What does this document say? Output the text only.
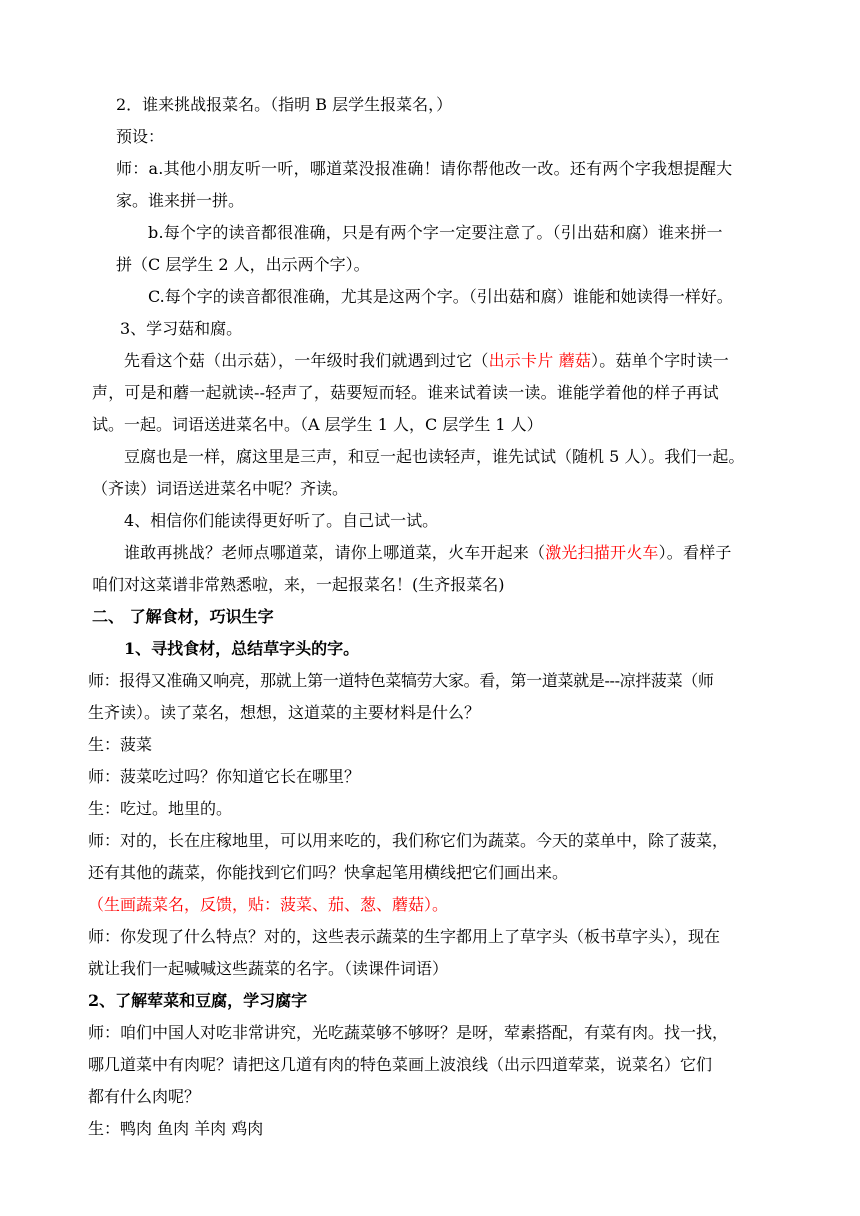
2．谁来挑战报菜名。（指明 B 层学生报菜名，）
预设：
师：a.其他小朋友听一听，哪道菜没报准确！请你帮他改一改。还有两个字我想提醒大
家。谁来拼一拼。
b.每个字的读音都很准确，只是有两个字一定要注意了。（引出菇和腐）谁来拼一
拼（C 层学生 2 人，出示两个字）。
C.每个字的读音都很准确，尤其是这两个字。（引出菇和腐）谁能和她读得一样好。
3、学习菇和腐。
先看这个菇（出示菇），一年级时我们就遇到过它（出示卡片 蘑菇）。菇单个字时读一
声，可是和蘑一起就读--轻声了，菇要短而轻。谁来试着读一读。谁能学着他的样子再试
试。一起。词语送进菜名中。（A 层学生 1 人，C 层学生 1 人）
豆腐也是一样，腐这里是三声，和豆一起也读轻声，谁先试试（随机 5 人）。我们一起。
（齐读）词语送进菜名中呢？齐读。
4、相信你们能读得更好听了。自己试一试。
谁敢再挑战？老师点哪道菜，请你上哪道菜，火车开起来（激光扫描开火车）。看样子
咱们对这菜谱非常熟悉啦，来，一起报菜名！(生齐报菜名)
二、 了解食材，巧识生字
1、寻找食材，总结草字头的字。
师：报得又准确又响亮，那就上第一道特色菜犒劳大家。看，第一道菜就是---凉拌菠菜（师
生齐读）。读了菜名，想想，这道菜的主要材料是什么？
生：菠菜
师：菠菜吃过吗？你知道它长在哪里？
生：吃过。地里的。
师：对的，长在庄稼地里，可以用来吃的，我们称它们为蔬菜。今天的菜单中，除了菠菜，
还有其他的蔬菜，你能找到它们吗？快拿起笔用横线把它们画出来。
（生画蔬菜名，反馈，贴：菠菜、茄、葱、蘑菇）。
师：你发现了什么特点？对的，这些表示蔬菜的生字都用上了草字头（板书草字头），现在
就让我们一起喊喊这些蔬菜的名字。（读课件词语）
2、了解荤菜和豆腐，学习腐字
师：咱们中国人对吃非常讲究，光吃蔬菜够不够呀？是呀，荤素搭配，有菜有肉。找一找，
哪几道菜中有肉呢？请把这几道有肉的特色菜画上波浪线（出示四道荤菜，说菜名）它们
都有什么肉呢？
生：鸭肉 鱼肉 羊肉 鸡肉
